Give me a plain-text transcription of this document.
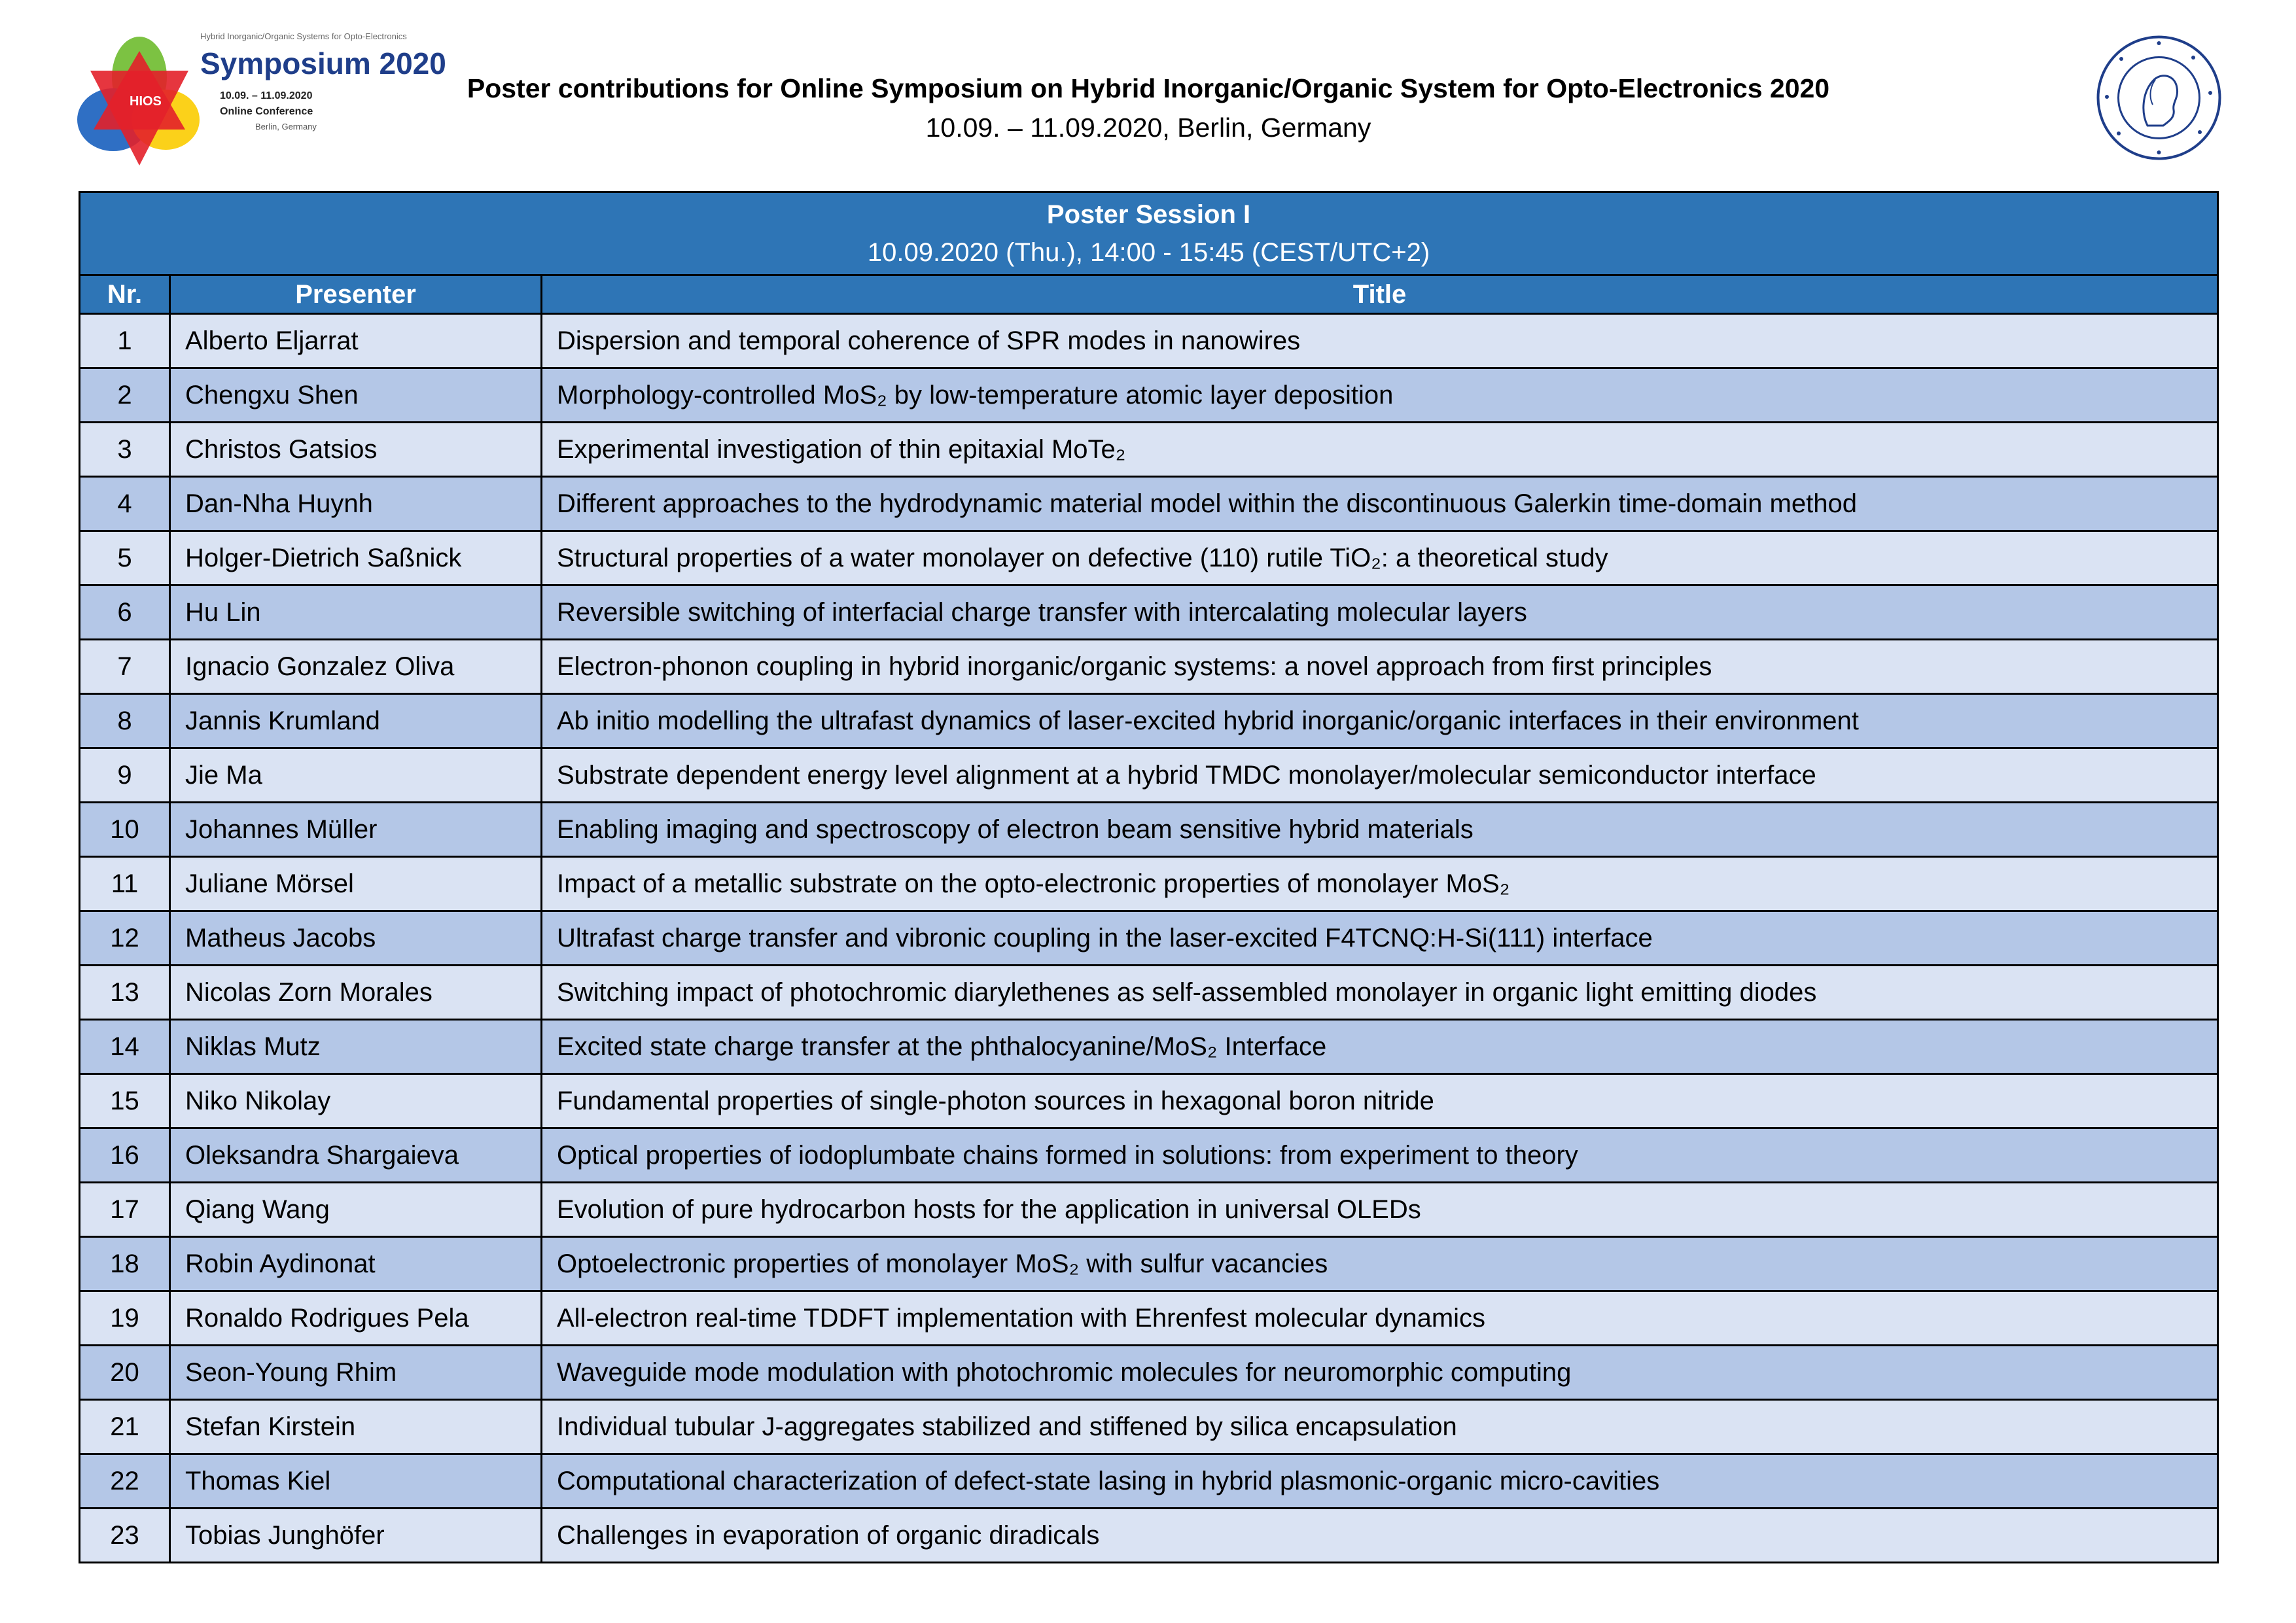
HIOS
Hybrid Inorganic/Organic Systems for Opto-Electronics
Symposium 2020
10.09. – 11.09.2020
Online Conference
Berlin, Germany
Poster contributions for Online Symposium on Hybrid Inorganic/Organic System for Opto-Electronics 2020
10.09. – 11.09.2020, Berlin, Germany
Poster Session I
10.09.2020 (Thu.), 14:00 - 15:45 (CEST/UTC+2)		

Nr.	Presenter	Title
1	Alberto Eljarrat	Dispersion and temporal coherence of SPR modes in nanowires
2	Chengxu Shen	Morphology-controlled MoS₂ by low-temperature atomic layer deposition
3	Christos Gatsios	Experimental investigation of thin epitaxial MoTe₂
4	Dan-Nha Huynh	Different approaches to the hydrodynamic material model within the discontinuous Galerkin time-domain method
5	Holger-Dietrich Saßnick	Structural properties of a water monolayer on defective (110) rutile TiO₂: a theoretical study
6	Hu Lin	Reversible switching of interfacial charge transfer with intercalating molecular layers
7	Ignacio Gonzalez Oliva	Electron-phonon coupling in hybrid inorganic/organic systems: a novel approach from first principles
8	Jannis Krumland	Ab initio modelling the ultrafast dynamics of laser-excited hybrid inorganic/organic interfaces in their environment
9	Jie Ma	Substrate dependent energy level alignment at a hybrid TMDC monolayer/molecular semiconductor interface
10	Johannes Müller	Enabling imaging and spectroscopy of electron beam sensitive hybrid materials
11	Juliane Mörsel	Impact of a metallic substrate on the opto-electronic properties of monolayer MoS₂
12	Matheus Jacobs	Ultrafast charge transfer and vibronic coupling in the laser-excited F4TCNQ:H-Si(111) interface
13	Nicolas Zorn Morales	Switching impact of photochromic diarylethenes as self-assembled monolayer in organic light emitting diodes
14	Niklas Mutz	Excited state charge transfer at the phthalocyanine/MoS₂ Interface
15	Niko Nikolay	Fundamental properties of single-photon sources in hexagonal boron nitride
16	Oleksandra Shargaieva	Optical properties of iodoplumbate chains formed in solutions: from experiment to theory
17	Qiang Wang	Evolution of pure hydrocarbon hosts for the application in universal OLEDs
18	Robin Aydinonat	Optoelectronic properties of monolayer MoS₂ with sulfur vacancies
19	Ronaldo Rodrigues Pela	All-electron real-time TDDFT implementation with Ehrenfest molecular dynamics
20	Seon-Young Rhim	Waveguide mode modulation with photochromic molecules for neuromorphic computing
21	Stefan Kirstein	Individual tubular J-aggregates stabilized and stiffened by silica encapsulation
22	Thomas Kiel	Computational characterization of defect-state lasing in hybrid plasmonic-organic micro-cavities
23	Tobias Junghöfer	Challenges in evaporation of organic diradicals
